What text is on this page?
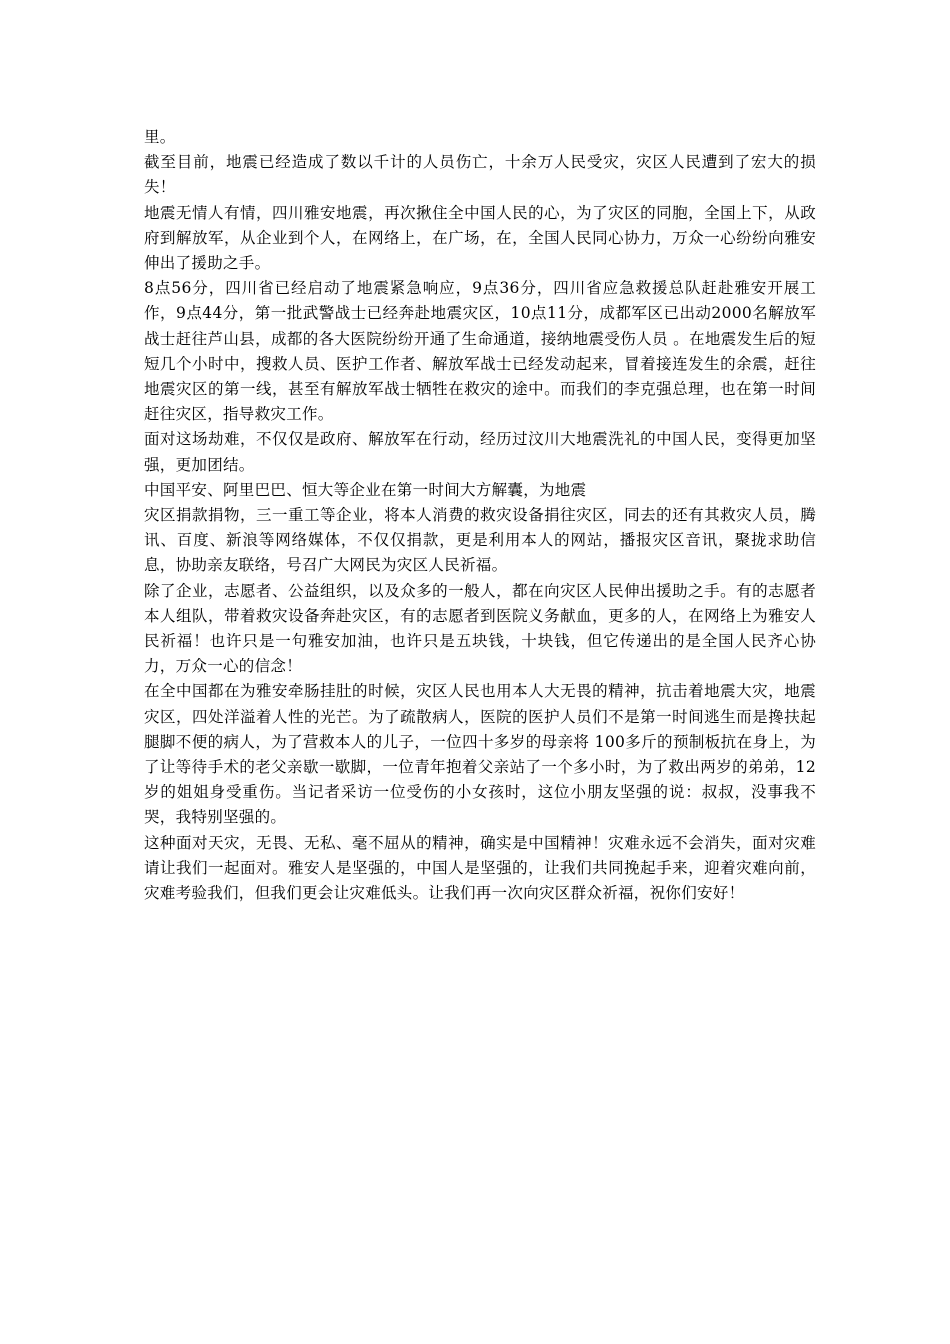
里。

截至目前，地震已经造成了数以千计的人员伤亡，十余万人民受灾，灾区人民遭到了宏大的损失！

地震无情人有情，四川雅安地震，再次揪住全中国人民的心，为了灾区的同胞，全国上下，从政府到解放军，从企业到个人，在网络上，在广场，在，全国人民同心协力，万众一心纷纷向雅安伸出了援助之手。

8点56分，四川省已经启动了地震紧急响应，9点36分，四川省应急救援总队赶赴雅安开展工作，9点44分，第一批武警战士已经奔赴地震灾区，10点11分，成都军区已出动2000名解放军战士赶往芦山县，成都的各大医院纷纷开通了生命通道，接纳地震受伤人员 。在地震发生后的短短几个小时中，搜救人员、医护工作者、解放军战士已经发动起来，冒着接连发生的余震，赶往地震灾区的第一线，甚至有解放军战士牺牲在救灾的途中。而我们的李克强总理，也在第一时间赶往灾区，指导救灾工作。

面对这场劫难，不仅仅是政府、解放军在行动，经历过汶川大地震洗礼的中国人民，变得更加坚强，更加团结。

中国平安、阿里巴巴、恒大等企业在第一时间大方解囊，为地震

灾区捐款捐物，三一重工等企业，将本人消费的救灾设备捐往灾区，同去的还有其救灾人员，腾讯、百度、新浪等网络媒体，不仅仅捐款，更是利用本人的网站，播报灾区音讯，聚拢求助信息，协助亲友联络，号召广大网民为灾区人民祈福。

除了企业，志愿者、公益组织，以及众多的一般人，都在向灾区人民伸出援助之手。有的志愿者本人组队，带着救灾设备奔赴灾区，有的志愿者到医院义务献血，更多的人，在网络上为雅安人民祈福！也许只是一句雅安加油，也许只是五块钱，十块钱，但它传递出的是全国人民齐心协力，万众一心的信念！

在全中国都在为雅安牵肠挂肚的时候，灾区人民也用本人大无畏的精神，抗击着地震大灾，地震灾区，四处洋溢着人性的光芒。为了疏散病人，医院的医护人员们不是第一时间逃生而是搀扶起腿脚不便的病人，为了营救本人的儿子，一位四十多岁的母亲将 100多斤的预制板抗在身上，为了让等待手术的老父亲歇一歇脚，一位青年抱着父亲站了一个多小时，为了救出两岁的弟弟，12岁的姐姐身受重伤。当记者采访一位受伤的小女孩时，这位小朋友坚强的说：叔叔，没事我不哭，我特别坚强的。

这种面对天灾，无畏、无私、毫不屈从的精神，确实是中国精神！灾难永远不会消失，面对灾难请让我们一起面对。雅安人是坚强的，中国人是坚强的，让我们共同挽起手来，迎着灾难向前，灾难考验我们，但我们更会让灾难低头。让我们再一次向灾区群众祈福，祝你们安好！
